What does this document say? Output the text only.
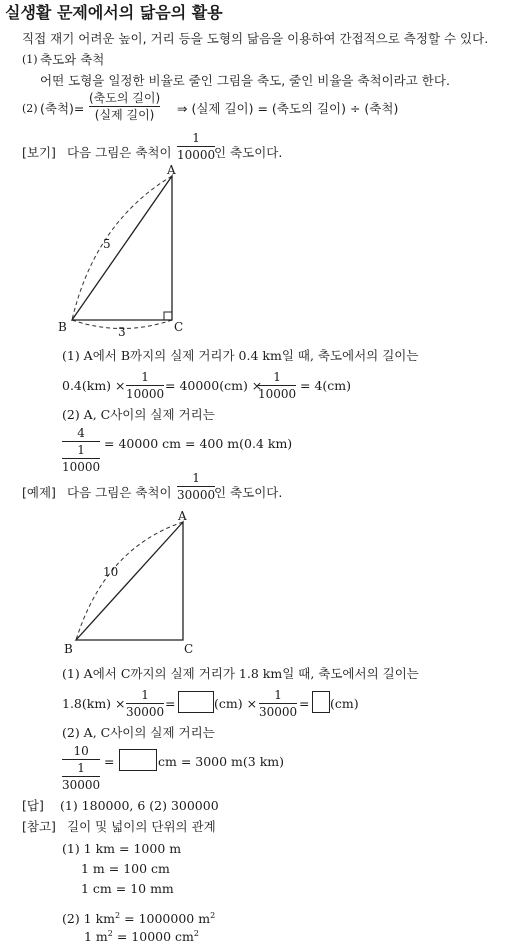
실생활 문제에서의 닮음의 활용
직접 재기 어려운 높이, 거리 등을 도형의 닮음을 이용하여 간접적으로 측정할 수 있다.
(1) 축도와 축척
어떤 도형을 일정한 비율로 줄인 그림을 축도, 줄인 비율을 축척이라고 한다.
(2) (축척)=
(축도의 길이)
(실제 길이) ⇒ (실제 길이) = (축도의 길이) ÷ (축척)
[보기] 다음 그림은 축척이
1
10000
인 축도이다.
A
B	C
5
3
(1) A에서 B까지의 실제 거리가 0.4 km일 때, 축도에서의 길이는
0.4(km) ×
1
10000
= 40000(cm) ×
1
10000
= 4(cm)
(2) A, C사이의 실제 거리는
4
1
10000
= 40000 cm = 400 m(0.4 km)
[예제] 다음 그림은 축척이
1
30000
인 축도이다.
A
B	C
10
(1) A에서 C까지의 실제 거리가 1.8 km일 때, 축도에서의 길이는
1.8(km) ×
1
30000
=	(cm) ×
1
30000
= (cm)
(2) A, C사이의 실제 거리는
10
1
30000
=	cm = 3000 m(3 km)
[답] (1) 180000, 6 (2) 300000
[참고] 길이 및 넓이의 단위의 관계
(1) 1 km = 1000 m
1 m = 100 cm
1 cm = 10 mm
(2) 1 $km^2 = 1000000$ $m^2$
1 $m^2 = 10000$ $cm^2$
